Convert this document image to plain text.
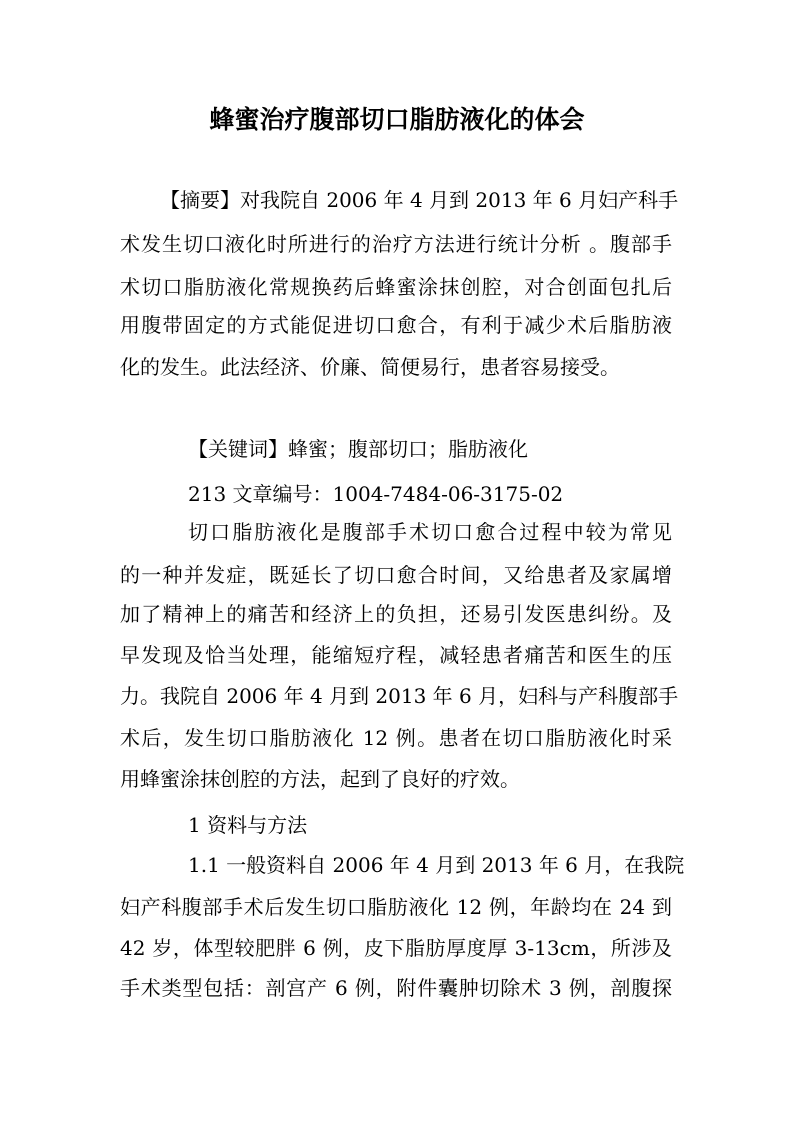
蜂蜜治疗腹部切口脂肪液化的体会

【摘要】对我院自 2006 年 4 月到 2013 年 6 月妇产科手

术发生切口液化时所进行的治疗方法进行统计分析 。腹部手

术切口脂肪液化常规换药后蜂蜜涂抹创腔，对合创面包扎后

用腹带固定的方式能促进切口愈合，有利于减少术后脂肪液

化的发生。此法经济、价廉、简便易行，患者容易接受。

【关键词】蜂蜜；腹部切口；脂肪液化

213 文章编号：1004-7484-06-3175-02

切口脂肪液化是腹部手术切口愈合过程中较为常见

的一种并发症，既延长了切口愈合时间，又给患者及家属增

加了精神上的痛苦和经济上的负担，还易引发医患纠纷。及

早发现及恰当处理，能缩短疗程，减轻患者痛苦和医生的压

力。我院自 2006 年 4 月到 2013 年 6 月，妇科与产科腹部手

术后，发生切口脂肪液化 12 例。患者在切口脂肪液化时采

用蜂蜜涂抹创腔的方法，起到了良好的疗效。

1 资料与方法

1.1 一般资料自 2006 年 4 月到 2013 年 6 月，在我院

妇产科腹部手术后发生切口脂肪液化 12 例，年龄均在 24 到

42 岁，体型较肥胖 6 例，皮下脂肪厚度厚 3-13cm，所涉及

手术类型包括：剖宫产 6 例，附件囊肿切除术 3 例，剖腹探
